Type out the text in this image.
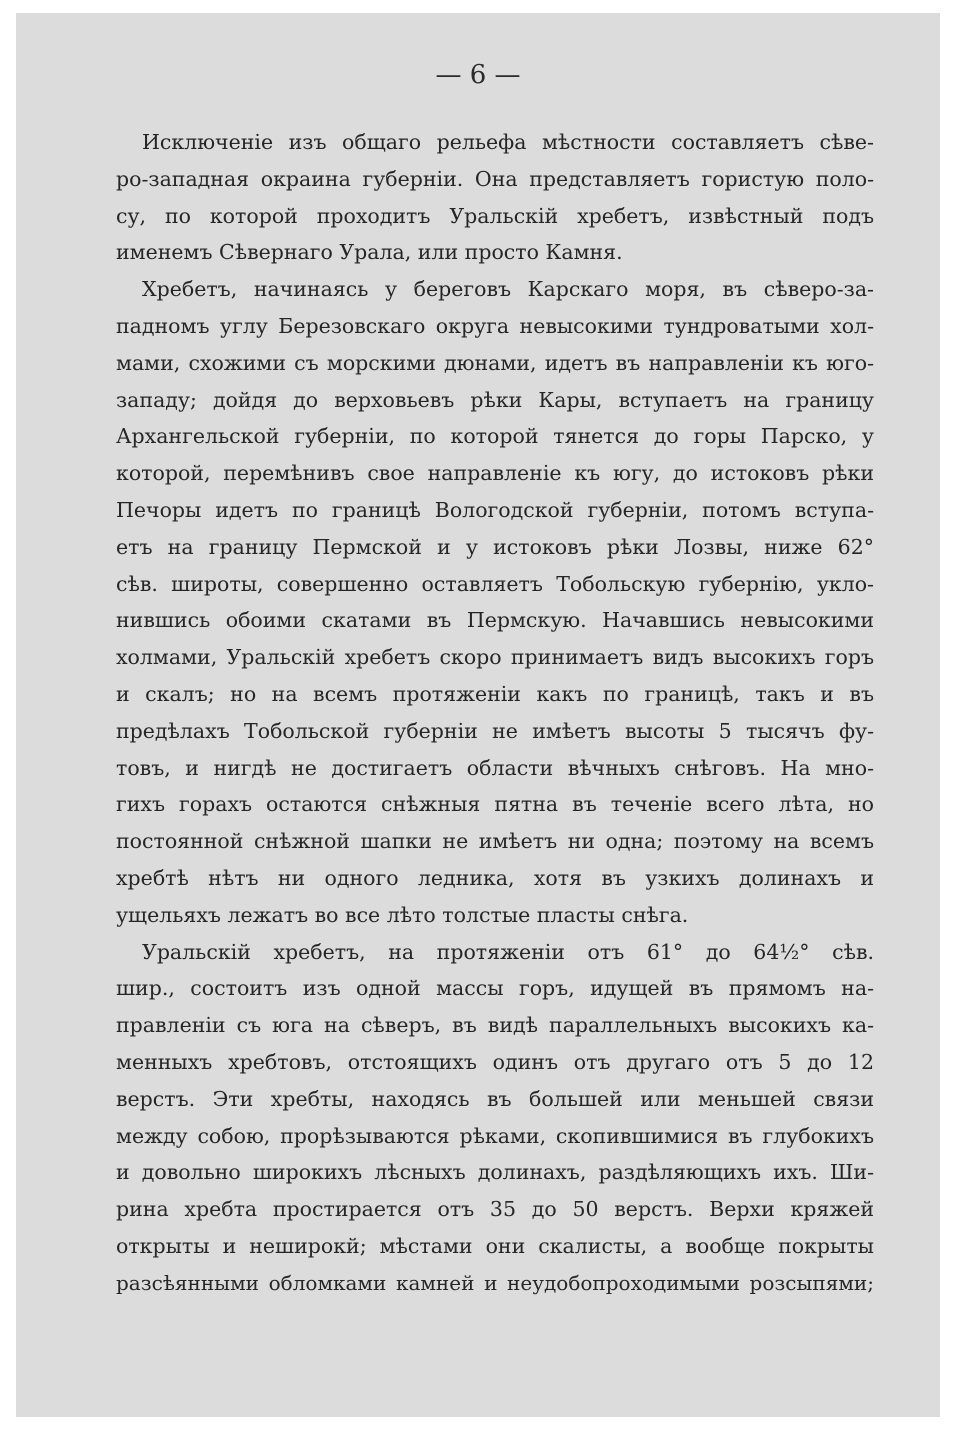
— 6 —
Исключеніе изъ общаго рельефа мѣстности составляетъ сѣве-
ро-западная окраина губерніи. Она представляетъ гористую поло-
су, по которой проходитъ Уральскій хребетъ, извѣстный подъ
именемъ Сѣвернаго Урала, или просто Камня.
Хребетъ, начинаясь у береговъ Карскаго моря, въ сѣверо-за-
падномъ углу Березовскаго округа невысокими тундроватыми хол-
мами, схожими съ морскими дюнами, идетъ въ направленіи къ юго-
западу; дойдя до верховьевъ рѣки Кары, вступаетъ на границу
Архангельской губерніи, по которой тянется до горы Парско, у
которой, перемѣнивъ свое направленіе къ югу, до истоковъ рѣки
Печоры идетъ по границѣ Вологодской губерніи, потомъ вступа-
етъ на границу Пермской и у истоковъ рѣки Лозвы, ниже 62°
сѣв. широты, совершенно оставляетъ Тобольскую губернію, укло-
нившись обоими скатами въ Пермскую. Начавшись невысокими
холмами, Уральскій хребетъ скоро принимаетъ видъ высокихъ горъ
и скалъ; но на всемъ протяженіи какъ по границѣ, такъ и въ
предѣлахъ Тобольской губерніи не имѣетъ высоты 5 тысячъ фу-
товъ, и нигдѣ не достигаетъ области вѣчныхъ снѣговъ. На мно-
гихъ горахъ остаются снѣжныя пятна въ теченіе всего лѣта, но
постоянной снѣжной шапки не имѣетъ ни одна; поэтому на всемъ
хребтѣ нѣтъ ни одного ледника, хотя въ узкихъ долинахъ и
ущельяхъ лежатъ во все лѣто толстые пласты снѣга.
Уральскій хребетъ, на протяженіи отъ 61° до 64½° сѣв.
шир., состоитъ изъ одной массы горъ, идущей въ прямомъ на-
правленіи съ юга на сѣверъ, въ видѣ параллельныхъ высокихъ ка-
менныхъ хребтовъ, отстоящихъ одинъ отъ другаго отъ 5 до 12
верстъ. Эти хребты, находясь въ большей или меньшей связи
между собою, прорѣзываются рѣками, скопившимися въ глубокихъ
и довольно широкихъ лѣсныхъ долинахъ, раздѣляющихъ ихъ. Ши-
рина хребта простирается отъ 35 до 50 верстъ. Верхи кряжей
открыты и неширокй; мѣстами они скалисты, а вообще покрыты
разсѣянными обломками камней и неудобопроходимыми розсыпями;
